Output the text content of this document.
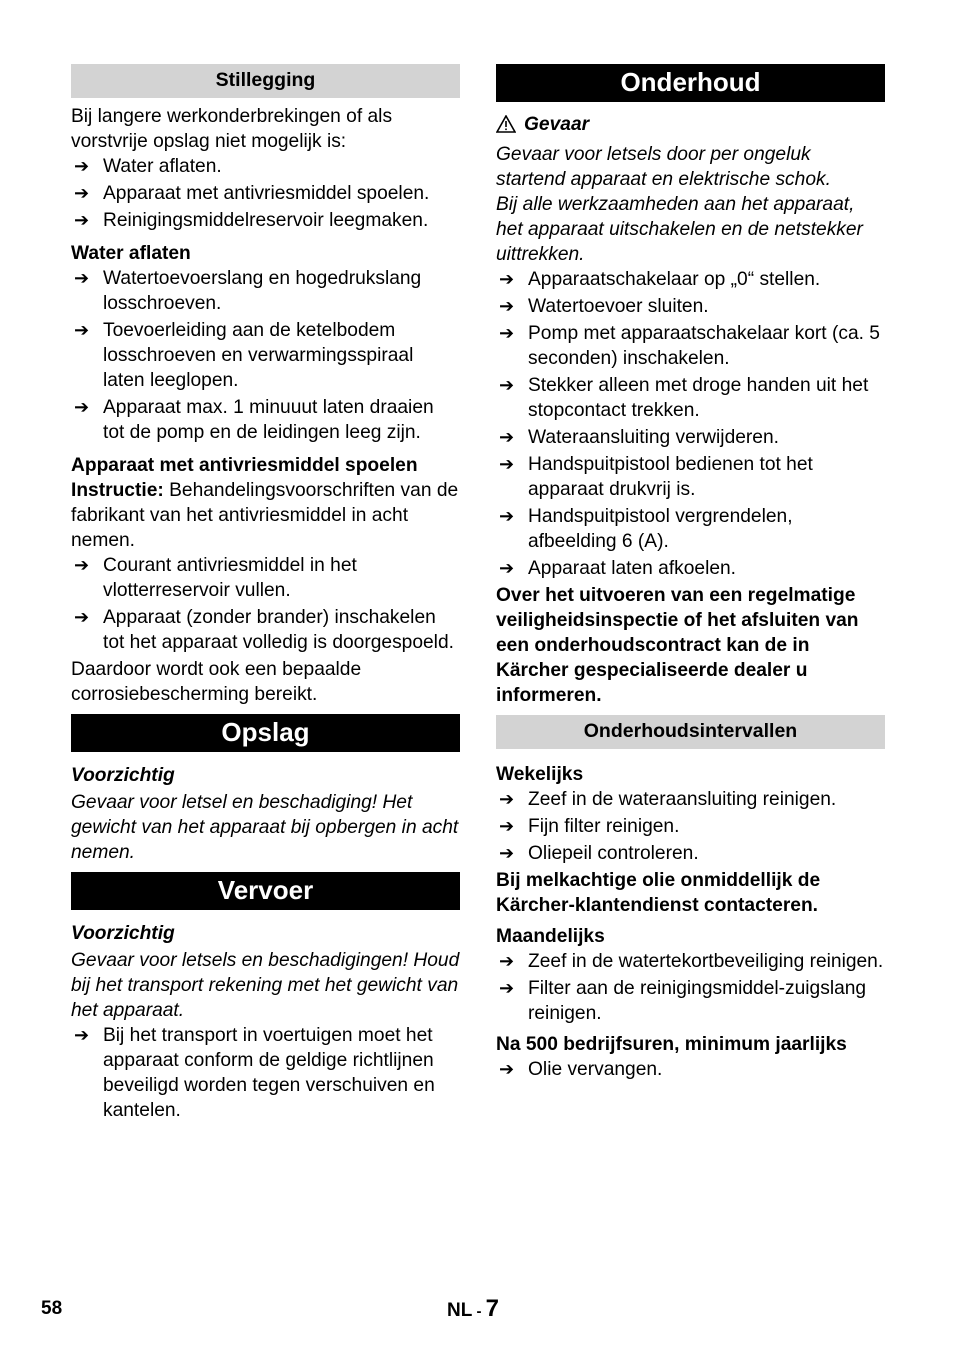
Stillegging

Bij langere werkonderbrekingen of als vorstvrije opslag niet mogelijk is:

➔ Water aflaten.
➔ Apparaat met antivriesmiddel spoelen.
➔ Reinigingsmiddelreservoir leegmaken.

Water aflaten

➔ Watertoevoerslang en hogedrukslang losschroeven.
➔ Toevoerleiding aan de ketelbodem losschroeven en verwarmingsspiraal laten leeglopen.
➔ Apparaat max. 1 minuuut laten draaien tot de pomp en de leidingen leeg zijn.

Apparaat met antivriesmiddel spoelen

Instructie: Behandelingsvoorschriften van de fabrikant van het antivriesmiddel in acht nemen.

➔ Courant antivriesmiddel in het vlotterreservoir vullen.
➔ Apparaat (zonder brander) inschakelen tot het apparaat volledig is doorgespoeld.

Daardoor wordt ook een bepaalde corrosiebescherming bereikt.

Opslag

Voorzichtig

Gevaar voor letsel en beschadiging! Het gewicht van het apparaat bij opbergen in acht nemen.

Vervoer

Voorzichtig

Gevaar voor letsels en beschadigingen! Houd bij het transport rekening met het gewicht van het apparaat.

➔ Bij het transport in voertuigen moet het apparaat conform de geldige richtlijnen beveiligd worden tegen verschuiven en kantelen.
Onderhoud

Gevaar

Gevaar voor letsels door per ongeluk startend apparaat en elektrische schok.

Bij alle werkzaamheden aan het apparaat, het apparaat uitschakelen en de netstekker uittrekken.

➔ Apparaatschakelaar op „0“ stellen.
➔ Watertoevoer sluiten.
➔ Pomp met apparaatschakelaar kort (ca. 5 seconden) inschakelen.
➔ Stekker alleen met droge handen uit het stopcontact trekken.
➔ Wateraansluiting verwijderen.
➔ Handspuitpistool bedienen tot het apparaat drukvrij is.
➔ Handspuitpistool vergrendelen, afbeelding 6 (A).
➔ Apparaat laten afkoelen.

Over het uitvoeren van een regelmatige veiligheidsinspectie of het afsluiten van een onderhoudscontract kan de in Kärcher gespecialiseerde dealer u informeren.

Onderhoudsintervallen

Wekelijks

➔ Zeef in de wateraansluiting reinigen.
➔ Fijn filter reinigen.
➔ Oliepeil controleren.

Bij melkachtige olie onmiddellijk de Kärcher-klantendienst contacteren.

Maandelijks

➔ Zeef in de watertekortbeveiliging reinigen.
➔ Filter aan de reinigingsmiddel-zuigslang reinigen.

Na 500 bedrijfsuren, minimum jaarlijks

➔ Olie vervangen.
58	NL - 7
